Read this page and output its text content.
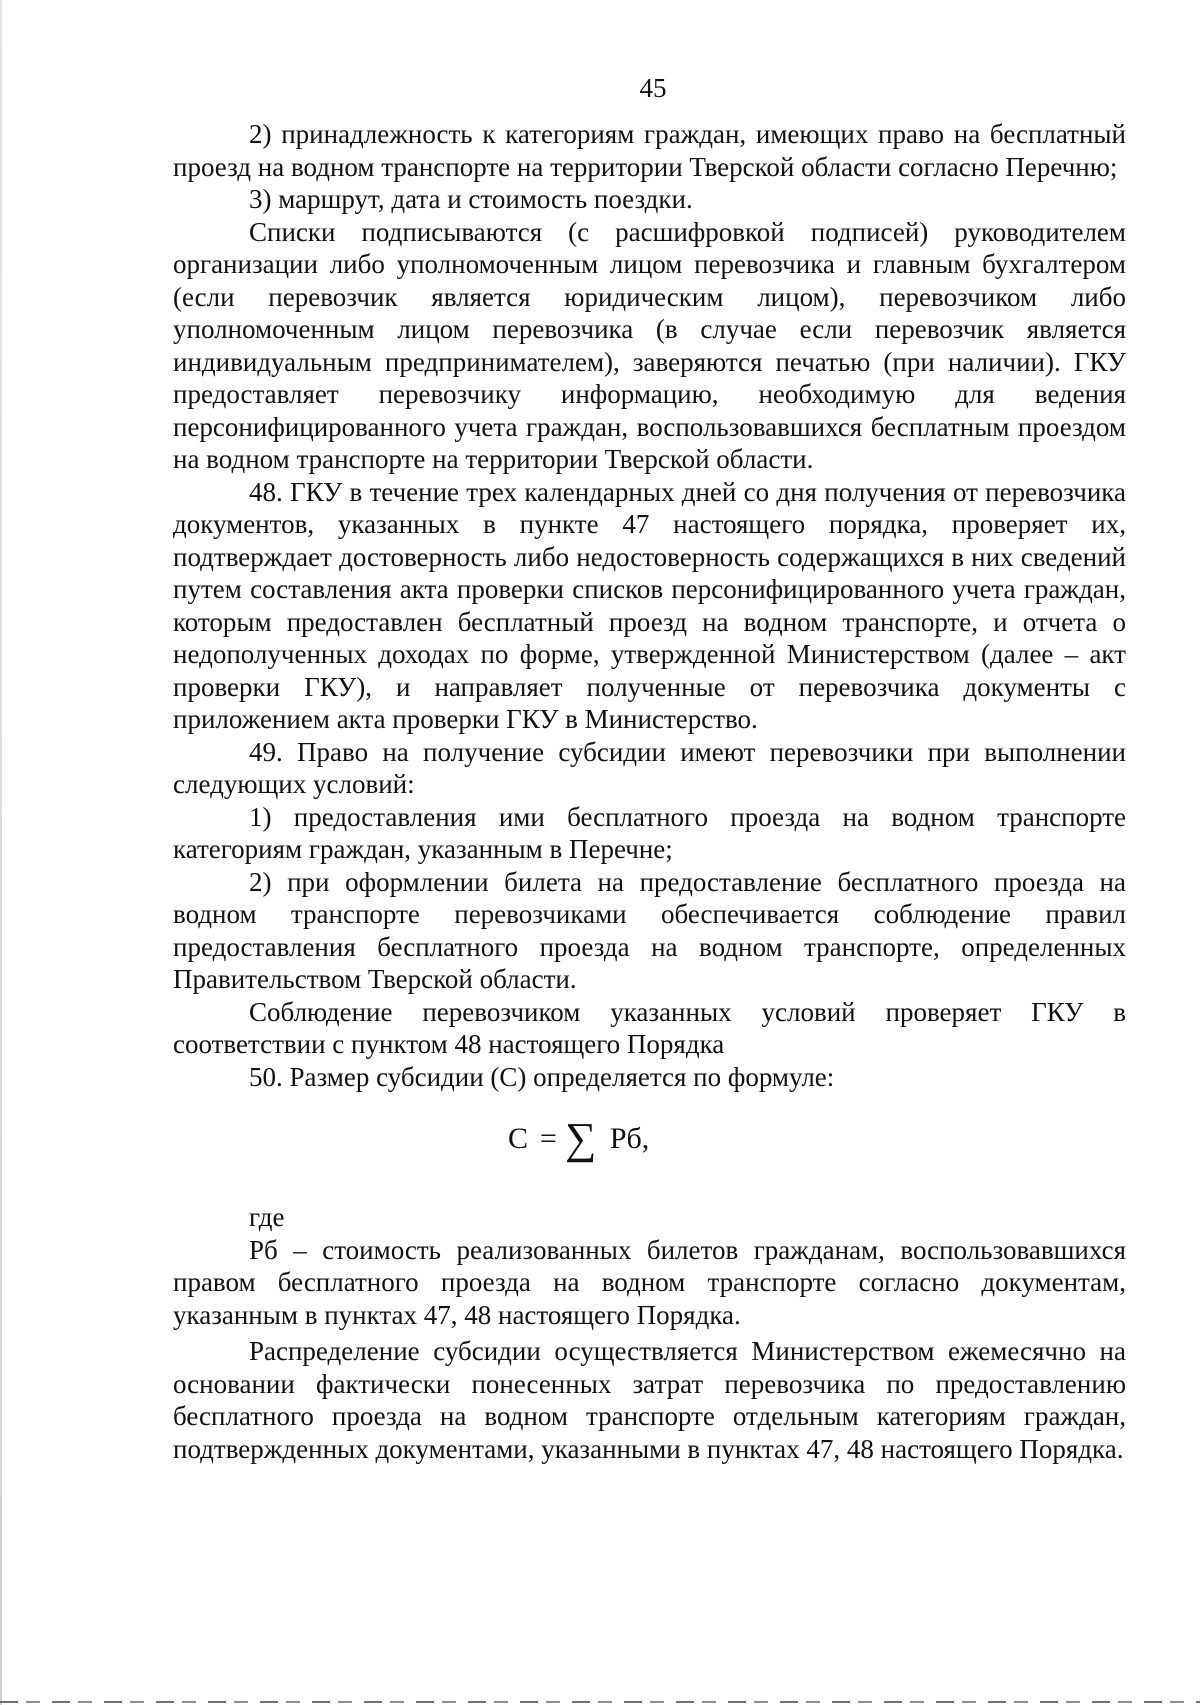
45

2) принадлежность к категориям граждан, имеющих право на бесплатный проезд на водном транспорте на территории Тверской области согласно Перечню;

3) маршрут, дата и стоимость поездки.

Списки подписываются (с расшифровкой подписей) руководителем организации либо уполномоченным лицом перевозчика и главным бухгалтером (если перевозчик является юридическим лицом), перевозчиком либо уполномоченным лицом перевозчика (в случае если перевозчик является индивидуальным предпринимателем), заверяются печатью (при наличии). ГКУ предоставляет перевозчику информацию, необходимую для ведения персонифицированного учета граждан, воспользовавшихся бесплатным проездом на водном транспорте на территории Тверской области.

48. ГКУ в течение трех календарных дней со дня получения от перевозчика документов, указанных в пункте 47 настоящего порядка, проверяет их, подтверждает достоверность либо недостоверность содержащихся в них сведений путем составления акта проверки списков персонифицированного учета граждан, которым предоставлен бесплатный проезд на водном транспорте, и отчета о недополученных доходах по форме, утвержденной Министерством (далее – акт проверки ГКУ), и направляет полученные от перевозчика документы с приложением акта проверки ГКУ в Министерство.

49. Право на получение субсидии имеют перевозчики при выполнении следующих условий:

1) предоставления ими бесплатного проезда на водном транспорте категориям граждан, указанным в Перечне;

2) при оформлении билета на предоставление бесплатного проезда на водном транспорте перевозчиками обеспечивается соблюдение правил предоставления бесплатного проезда на водном транспорте, определенных Правительством Тверской области.

Соблюдение перевозчиком указанных условий проверяет ГКУ в соответствии с пунктом 48 настоящего Порядка

50. Размер субсидии (С) определяется по формуле:

С = ∑ Рб,

где

Рб – стоимость реализованных билетов гражданам, воспользовавшихся правом бесплатного проезда на водном транспорте согласно документам, указанным в пунктах 47, 48 настоящего Порядка.

Распределение субсидии осуществляется Министерством ежемесячно на основании фактически понесенных затрат перевозчика по предоставлению бесплатного проезда на водном транспорте отдельным категориям граждан, подтвержденных документами, указанными в пунктах 47, 48 настоящего Порядка.
